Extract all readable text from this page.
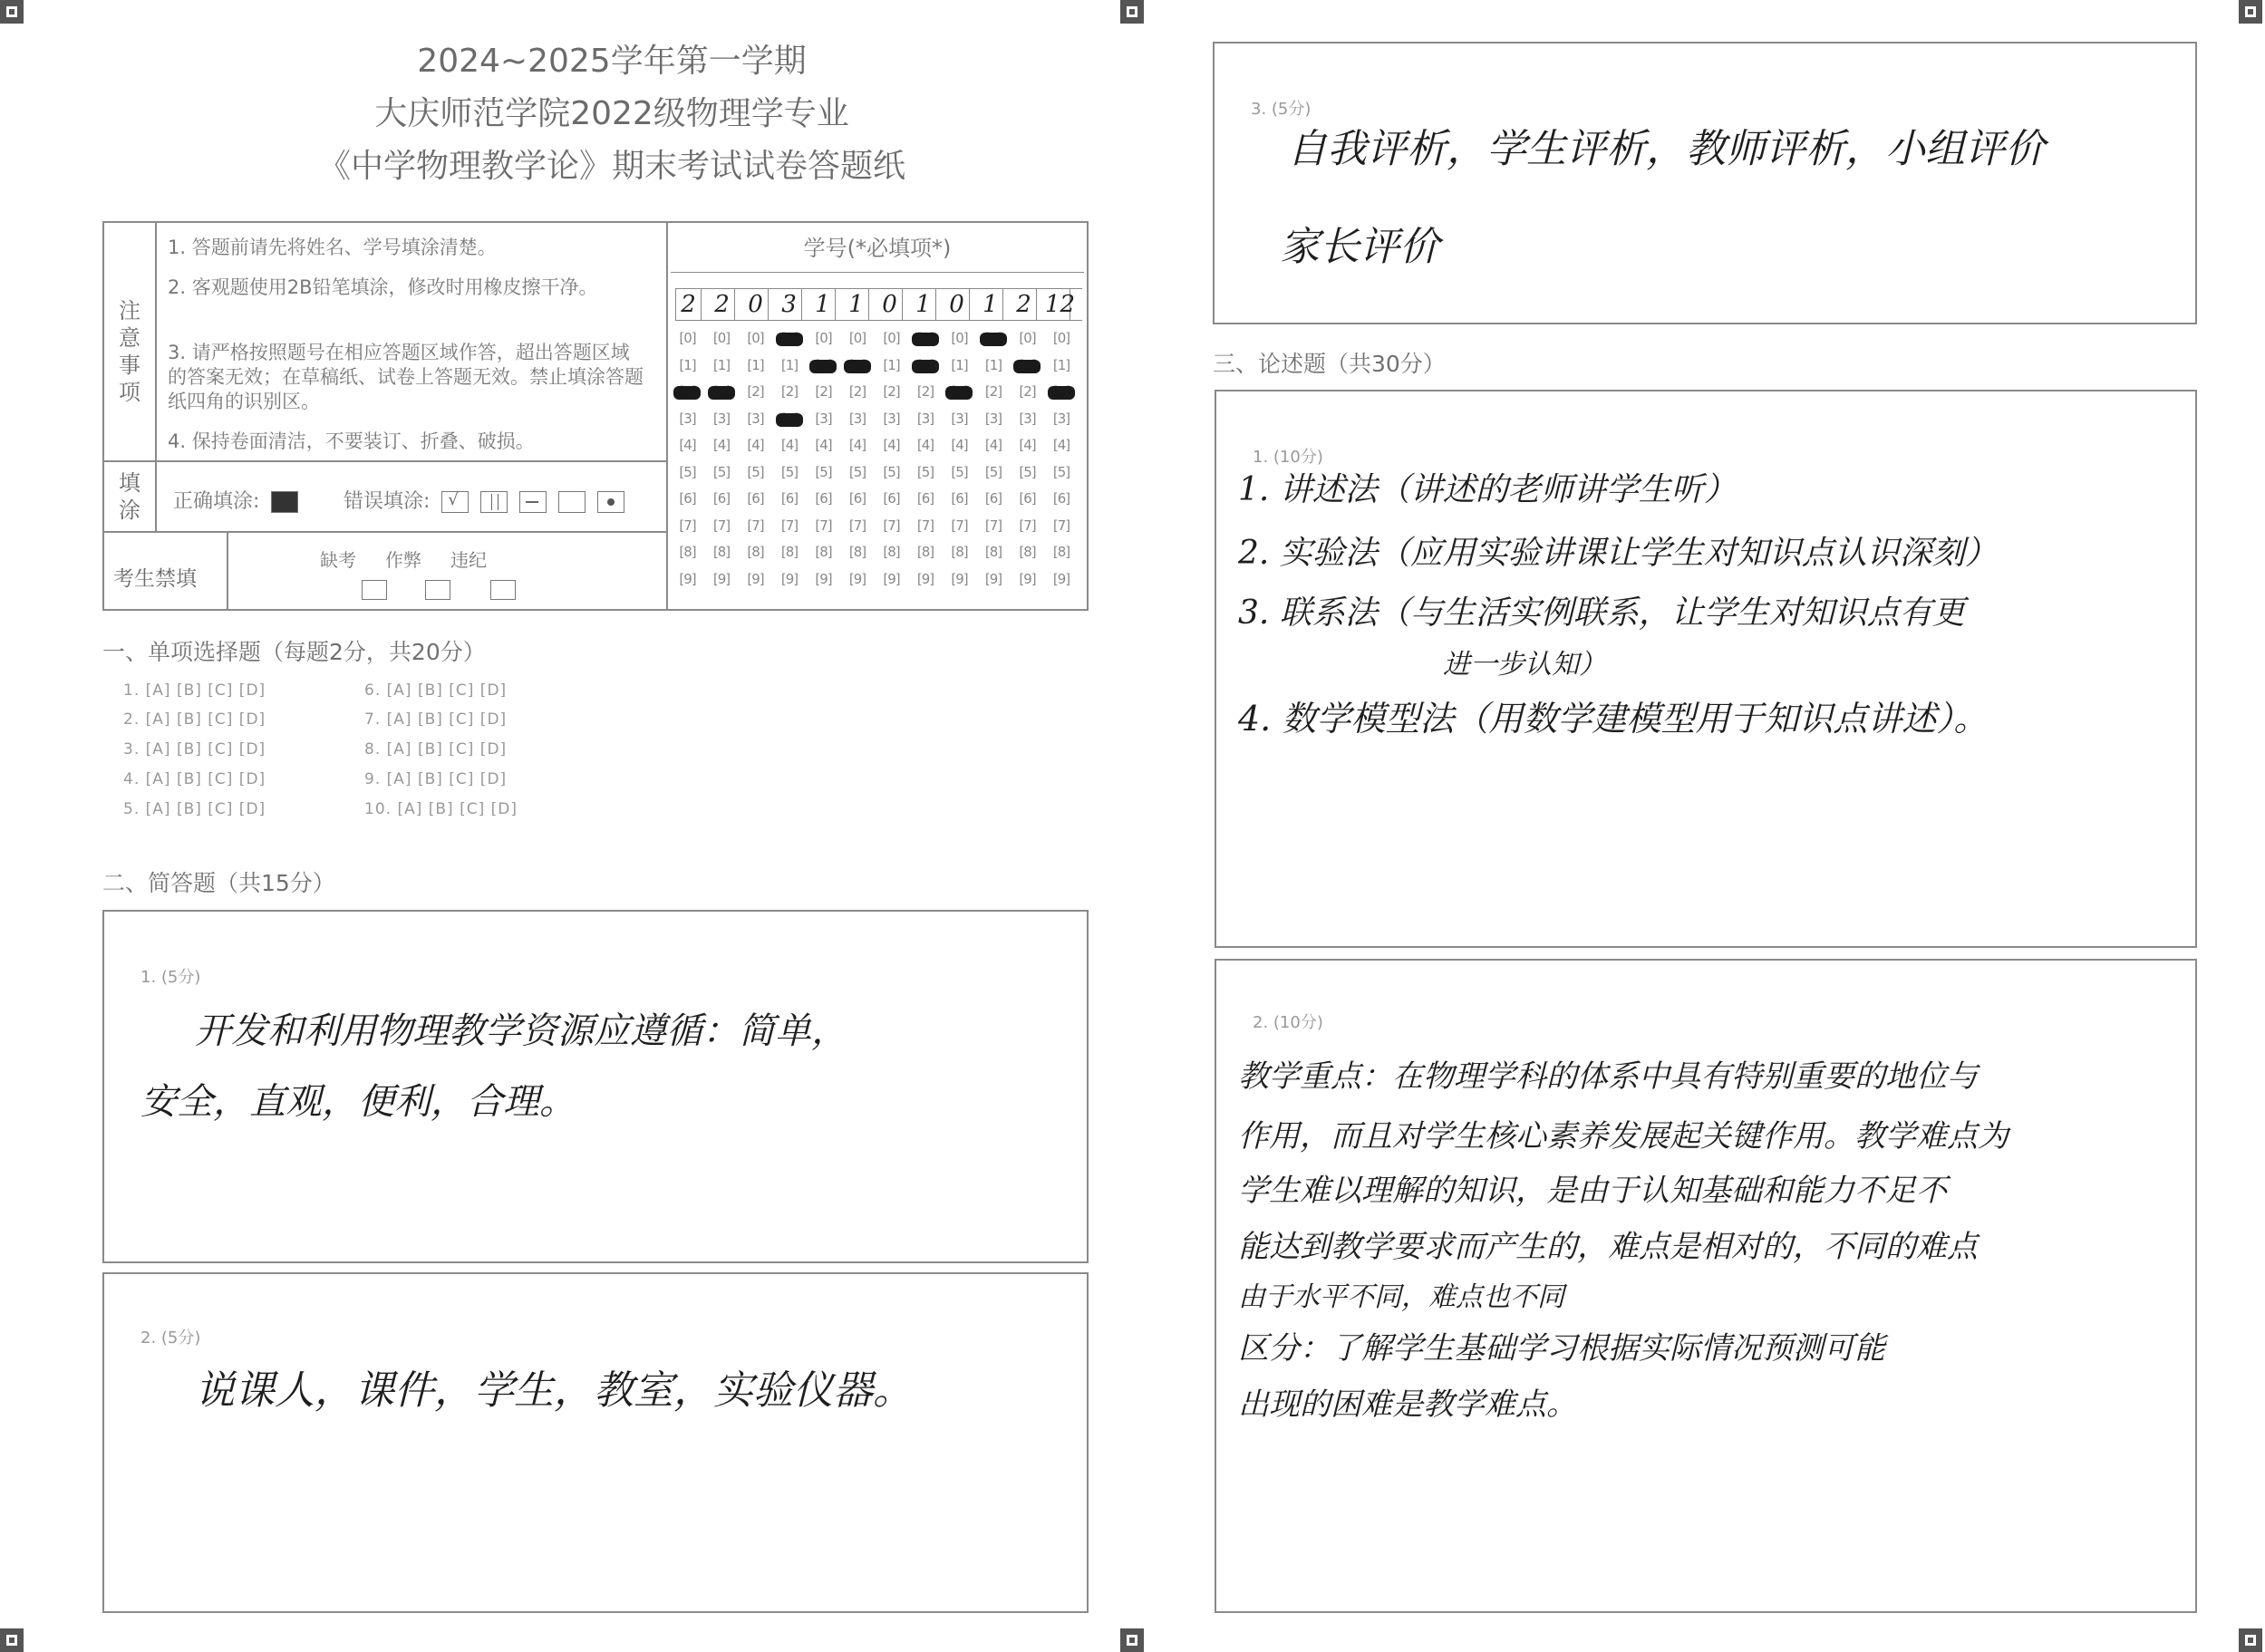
2024~2025学年第一学期
大庆师范学院2022级物理学专业
《中学物理教学论》期末考试试卷答题纸
注
意
事
项
1. 答题前请先将姓名、学号填涂清楚。
2. 客观题使用2B铅笔填涂，修改时用橡皮擦干净。
3. 请严格按照题号在相应答题区域作答，超出答题区域的答案无效；在草稿纸、试卷上答题无效。禁止填涂答题纸四角的识别区。
4. 保持卷面清洁，不要装订、折叠、破损。
填
涂 正确填涂:	错误填涂: √

考生禁填
缺考 作弊 违纪
学号(*必填项*)
2 2 0 3 1 1 0 1 0 1 2 12
[0]
[1]
[3]
[4]
[5]
[6]
[7]
[8]
[9]
[0]
[1]
[3]
[4]
[5]
[6]
[7]
[8]
[9]
[0]
[1]
[2]
[3]
[4]
[5]
[6]
[7]
[8]
[9]
[1]
[2]
[4]
[5]
[6]
[7]
[8]
[9]
[0]
[2]
[3]
[4]
[5]
[6]
[7]
[8]
[9]
[0]
[2]
[3]
[4]
[5]
[6]
[7]
[8]
[9]
[0]
[1]
[2]
[3]
[4]
[5]
[6]
[7]
[8]
[9]
[2]
[3]
[4]
[5]
[6]
[7]
[8]
[9]
[0]
[1]
[3]
[4]
[5]
[6]
[7]
[8]
[9]
[1]
[2]
[3]
[4]
[5]
[6]
[7]
[8]
[9]
[0]
[2]
[3]
[4]
[5]
[6]
[7]
[8]
[9]
[0]
[1]
[3]
[4]
[5]
[6]
[7]
[8]
[9]
一、单项选择题（每题2分，共20分）
1. [A] [B] [C] [D]
2. [A] [B] [C] [D]
3. [A] [B] [C] [D]
4. [A] [B] [C] [D]
5. [A] [B] [C] [D]
6. [A] [B] [C] [D]
7. [A] [B] [C] [D]
8. [A] [B] [C] [D]
9. [A] [B] [C] [D]
10. [A] [B] [C] [D]
二、简答题（共15分）
1. (5分)
开发和利用物理教学资源应遵循：简单，
安全，直观，便利，合理。
2. (5分)
说课人，课件，学生，教室，实验仪器。
3. (5分)
自我评析，学生评析，教师评析，小组评价
家长评价
三、论述题（共30分）
1. (10分)
1. 讲述法（讲述的老师讲学生听）
2. 实验法（应用实验讲课让学生对知识点认识深刻）
3. 联系法（与生活实例联系，让学生对知识点有更
进一步认知）
4. 数学模型法（用数学建模型用于知识点讲述）。
2. (10分)
教学重点：在物理学科的体系中具有特别重要的地位与
作用，而且对学生核心素养发展起关键作用。教学难点为
学生难以理解的知识，是由于认知基础和能力不足不
能达到教学要求而产生的，难点是相对的，不同的难点
由于水平不同，难点也不同
区分：了解学生基础学习根据实际情况预测可能
出现的困难是教学难点。
